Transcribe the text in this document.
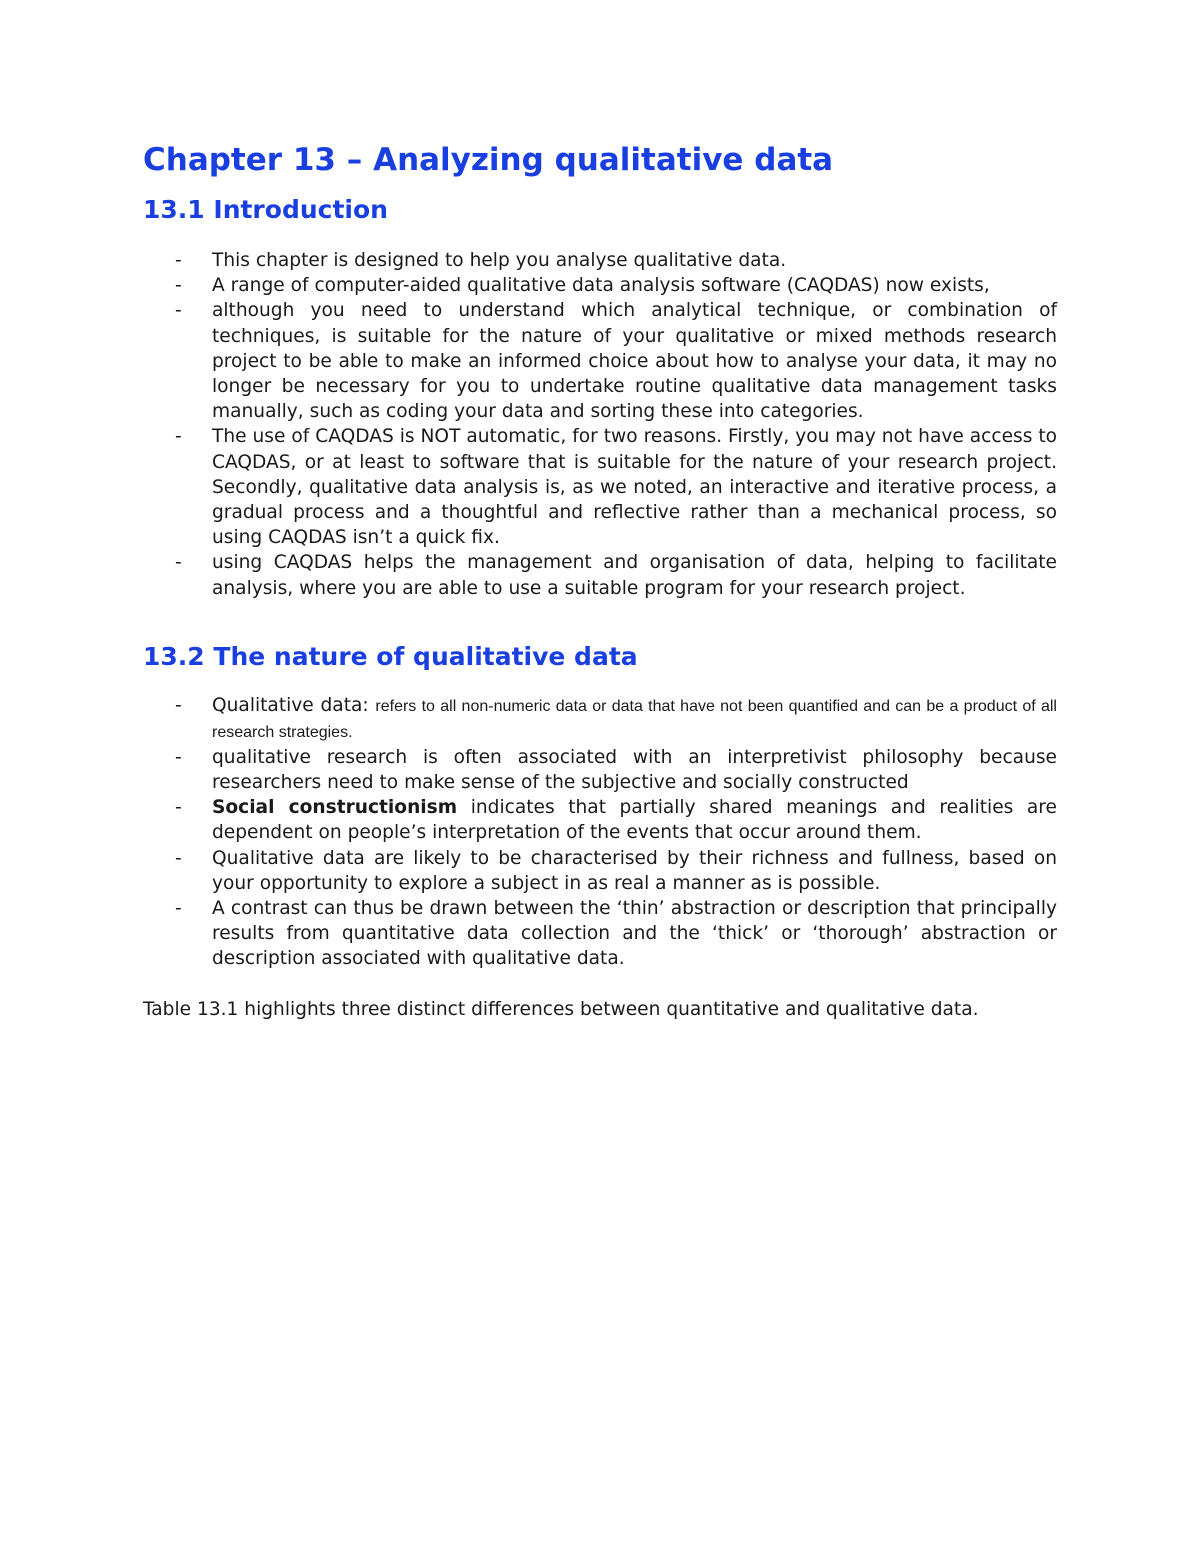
Chapter 13 – Analyzing qualitative data
13.1 Introduction
- This chapter is designed to help you analyse qualitative data.
- A range of computer-aided qualitative data analysis software (CAQDAS) now exists,
- although you need to understand which analytical technique, or combination of techniques, is suitable for the nature of your qualitative or mixed methods research project to be able to make an informed choice about how to analyse your data, it may no longer be necessary for you to undertake routine qualitative data management tasks manually, such as coding your data and sorting these into categories.
- The use of CAQDAS is NOT automatic, for two reasons. Firstly, you may not have access to CAQDAS, or at least to software that is suitable for the nature of your research project. Secondly, qualitative data analysis is, as we noted, an interactive and iterative process, a gradual process and a thoughtful and reflective rather than a mechanical process, so using CAQDAS isn’t a quick fix.
- using CAQDAS helps the management and organisation of data, helping to facilitate analysis, where you are able to use a suitable program for your research project.
13.2 The nature of qualitative data
- Qualitative data: refers to all non-numeric data or data that have not been quantified and can be a product of all research strategies.
- qualitative research is often associated with an interpretivist philosophy because researchers need to make sense of the subjective and socially constructed
- Social constructionism indicates that partially shared meanings and realities are dependent on people’s interpretation of the events that occur around them.
- Qualitative data are likely to be characterised by their richness and fullness, based on your opportunity to explore a subject in as real a manner as is possible.
- A contrast can thus be drawn between the ‘thin’ abstraction or description that principally results from quantitative data collection and the ‘thick’ or ‘thorough’ abstraction or description associated with qualitative data.

Table 13.1 highlights three distinct differences between quantitative and qualitative data.
